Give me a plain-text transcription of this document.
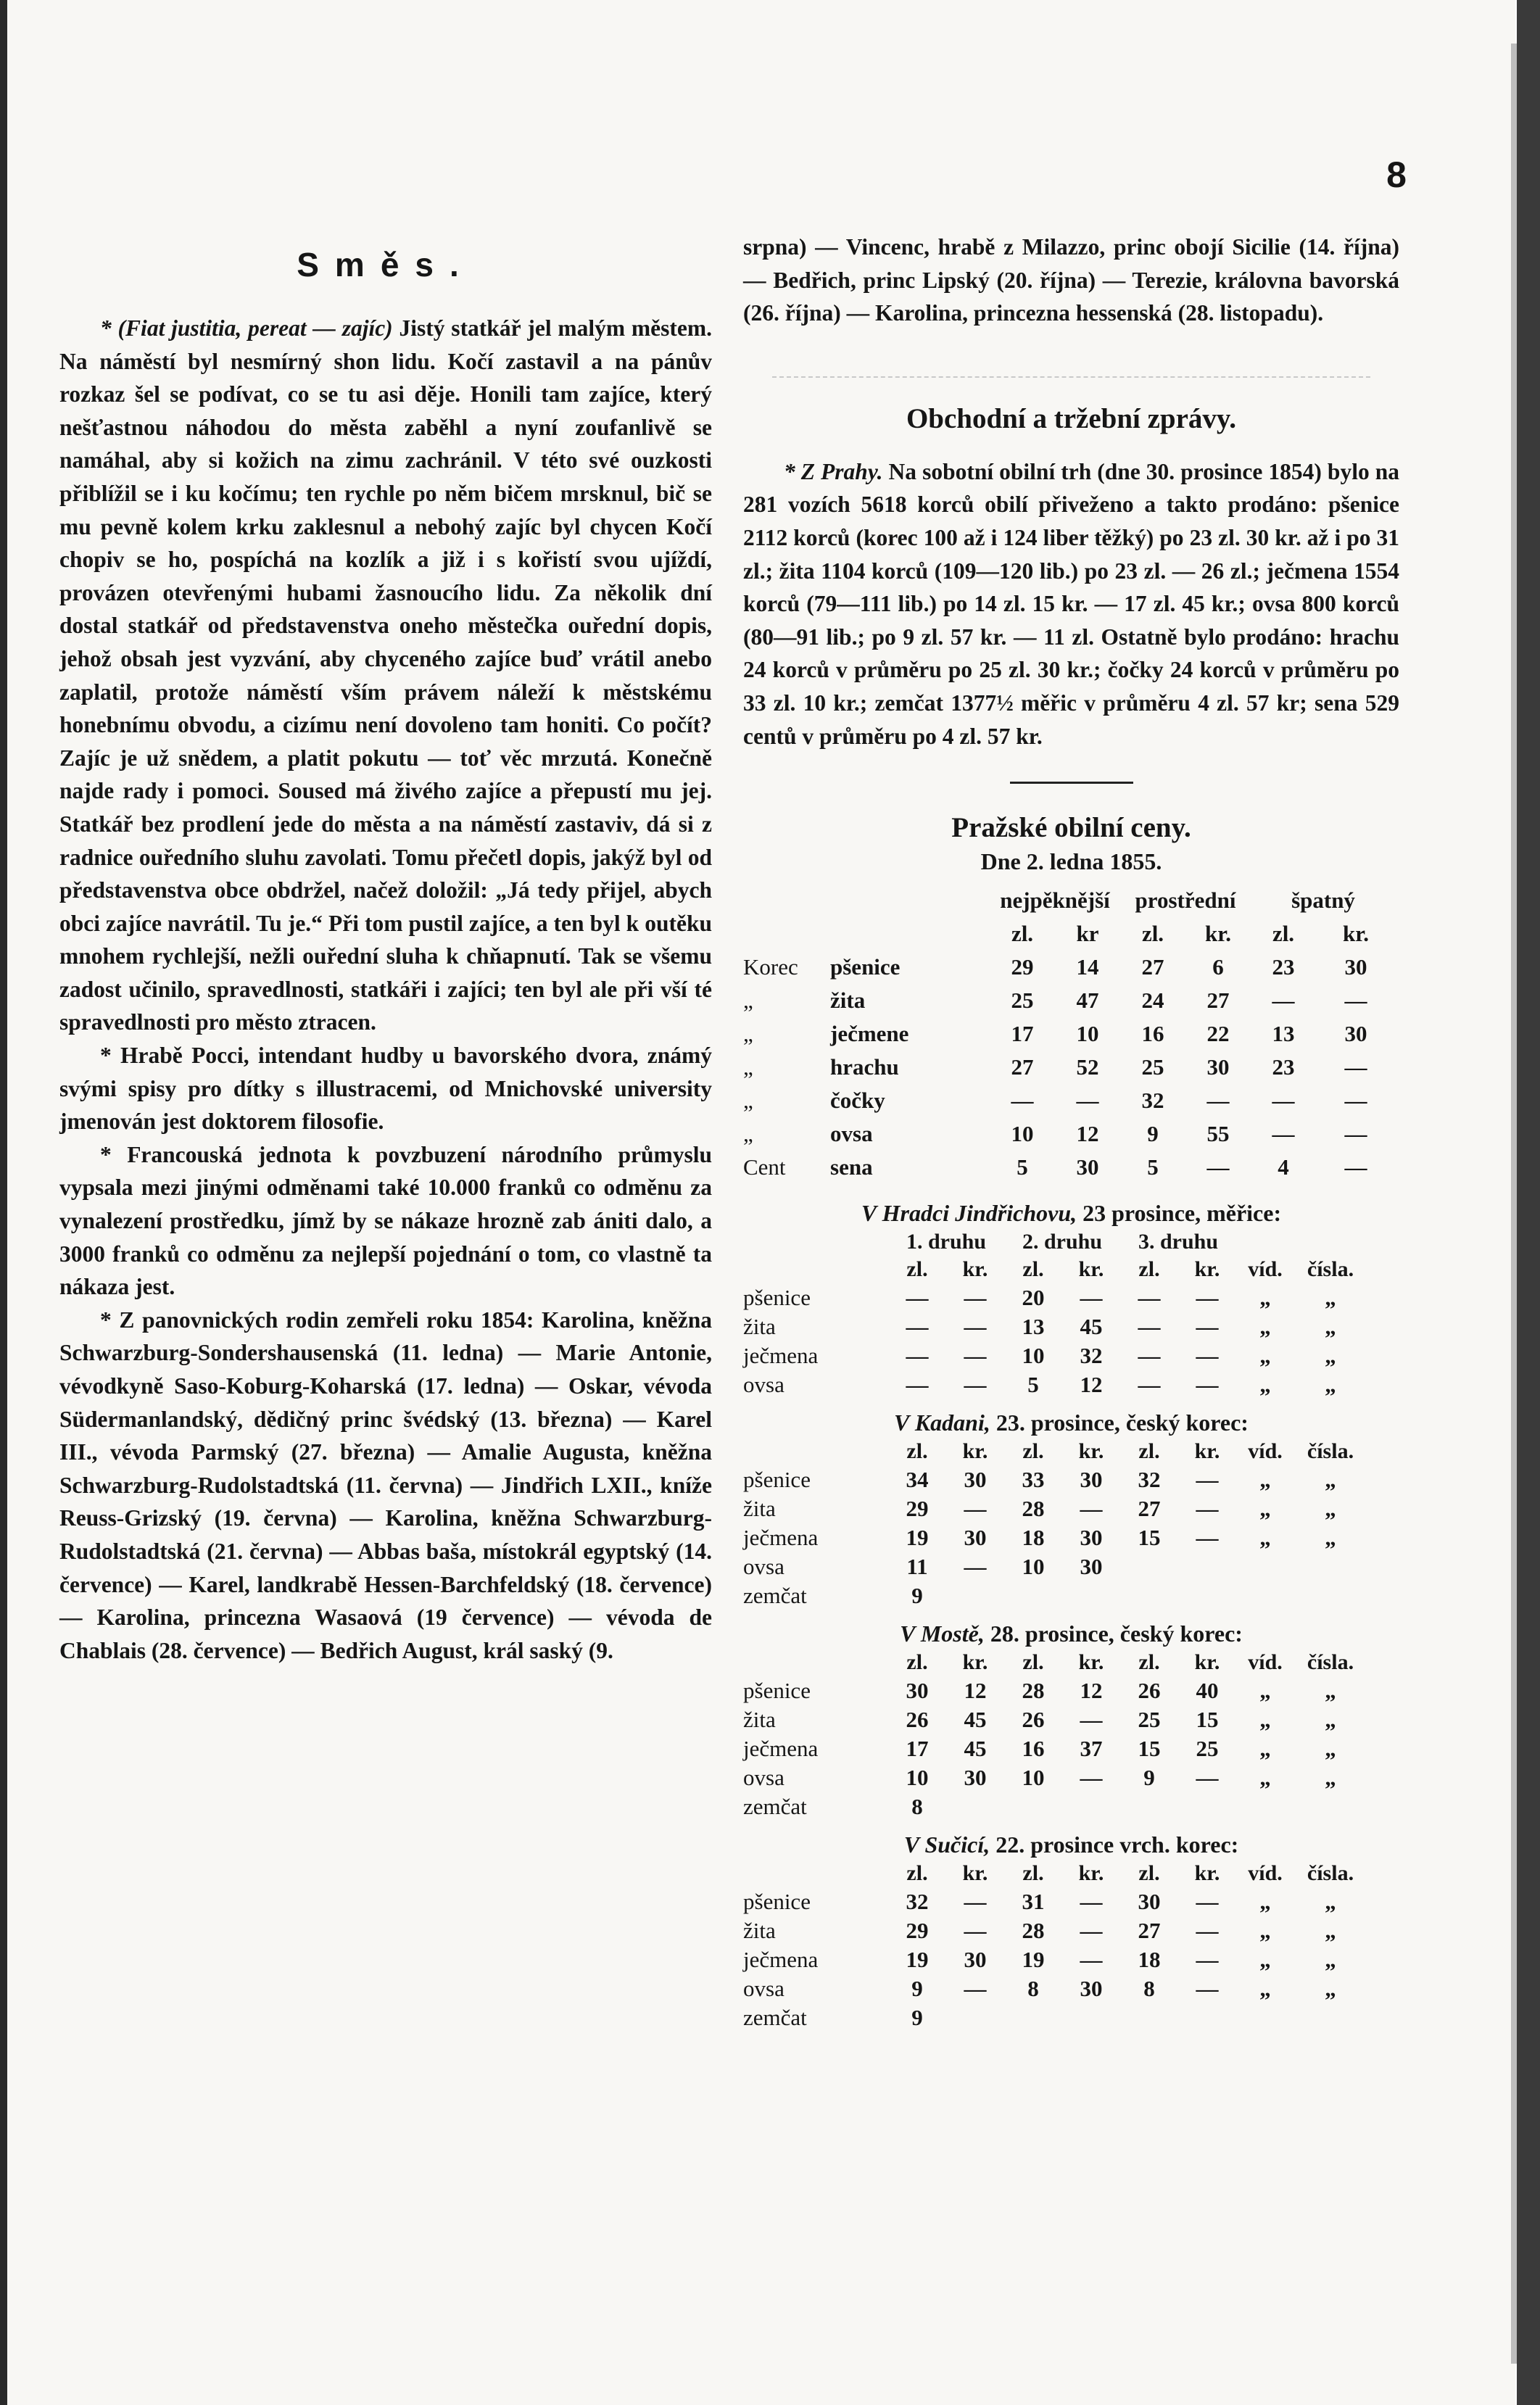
8
Směs.

* (Fiat justitia, pereat — zajíc) Jistý statkář jel malým městem. Na náměstí byl nesmírný shon lidu. Kočí zastavil a na pánův rozkaz šel se podívat, co se tu asi děje. Honili tam zajíce, který nešťastnou náhodou do města zaběhl a nyní zoufanlivě se namáhal, aby si kožich na zimu zachránil. V této své ouzkosti přiblížil se i ku kočímu; ten rychle po něm bičem mrsknul, bič se mu pevně kolem krku zaklesnul a nebohý zajíc byl chycen Kočí chopiv se ho, pospíchá na kozlík a již i s kořistí svou ujíždí, provázen otevřenými hubami žasnoucího lidu. Za několik dní dostal statkář od představenstva oneho městečka ouřední dopis, jehož obsah jest vyzvání, aby chyceného zajíce buď vrátil anebo zaplatil, protože náměstí vším právem náleží k městskému honebnímu obvodu, a cizímu není dovoleno tam honiti. Co počít? Zajíc je už snědem, a platit pokutu — toť věc mrzutá. Konečně najde rady i pomoci. Soused má živého zajíce a přepustí mu jej. Statkář bez prodlení jede do města a na náměstí zastaviv, dá si z radnice ouředního sluhu zavolati. Tomu přečetl dopis, jakýž byl od představenstva obce obdržel, načež doložil: „Já tedy přijel, abych obci zajíce navrátil. Tu je.“ Při tom pustil zajíce, a ten byl k outěku mnohem rychlejší, nežli ouřední sluha k chňapnutí. Tak se všemu zadost učinilo, spravedlnosti, statkáři i zajíci; ten byl ale při vší té spravedlnosti pro město ztracen.

* Hrabě Pocci, intendant hudby u bavorského dvora, známý svými spisy pro dítky s illustracemi, od Mnichovské university jmenován jest doktorem filosofie.

* Francouská jednota k povzbuzení národního průmyslu vypsala mezi jinými odměnami také 10.000 franků co odměnu za vynalezení prostředku, jímž by se nákaze hrozně zab ániti dalo, a 3000 franků co odměnu za nejlepší pojednání o tom, co vlastně ta nákaza jest.

* Z panovnických rodin zemřeli roku 1854: Karolina, kněžna Schwarzburg-Sondershausenská (11. ledna) — Marie Antonie, vévodkyně Saso-Koburg-Koharská (17. ledna) — Oskar, vévoda Südermanlandský, dědičný princ švédský (13. března) — Karel III., vévoda Parmský (27. března) — Amalie Augusta, kněžna Schwarzburg-Rudolstadtská (11. června) — Jindřich LXII., kníže Reuss-Grizský (19. června) — Karolina, kněžna Schwarzburg-Rudolstadtská (21. června) — Abbas baša, místokrál egyptský (14. července) — Karel, landkrabě Hessen-Barchfeldský (18. července) — Karolina, princezna Wasaová (19 července) — vévoda de Chablais (28. července) — Bedřich August, král saský (9.

srpna) — Vincenc, hrabě z Milazzo, princ obojí Sicilie (14. října) — Bedřich, princ Lipský (20. října) — Terezie, královna bavorská (26. října) — Karolina, princezna hessenská (28. listopadu).

Obchodní a tržební zprávy.

* Z Prahy. Na sobotní obilní trh (dne 30. prosince 1854) bylo na 281 vozích 5618 korců obilí přiveženo a takto prodáno: pšenice 2112 korců (korec 100 až i 124 liber těžký) po 23 zl. 30 kr. až i po 31 zl.; žita 1104 korců (109—120 lib.) po 23 zl. — 26 zl.; ječmena 1554 korců (79—111 lib.) po 14 zl. 15 kr. — 17 zl. 45 kr.; ovsa 800 korců (80—91 lib.; po 9 zl. 57 kr. — 11 zl. Ostatně bylo prodáno: hrachu 24 korců v průměru po 25 zl. 30 kr.; čočky 24 korců v průměru po 33 zl. 10 kr.; zemčat 1377½ měřic v průměru 4 zl. 57 kr; sena 529 centů v průměru po 4 zl. 57 kr.

Pražské obilní ceny.
Dne 2. ledna 1855.
		nejpěknější		prostřední		špatný	
		zl.	kr	zl.	kr.	zl.	kr.
Korec	pšenice	29	14	27	6	23	30
„	žita	25	47	24	27	—	—
„	ječmene	17	10	16	22	13	30
„	hrachu	27	52	25	30	23	—
„	čočky	—	—	32	—	—	—
„	ovsa	10	12	9	55	—	—
Cent	sena	5	30	5	—	4	—
V Hradci Jindřichovu, 23 prosince, měřice:
	1. druhu		2. druhu		3. druhu			
	zl.	kr.	zl.	kr.	zl.	kr.	víd.	čísla.
pšenice	—	—	20	—	—	—	„	„
žita	—	—	13	45	—	—	„	„
ječmena	—	—	10	32	—	—	„	„
ovsa	—	—	5	12	—	—	„	„
V Kadani, 23. prosince, český korec:
	zl.	kr.	zl.	kr.	zl.	kr.	víd.	čísla.
pšenice	34	30	33	30	32	—	„	„
žita	29	—	28	—	27	—	„	„
ječmena	19	30	18	30	15	—	„	„
ovsa	11	—	10	30				
zemčat	9							
V Mostě, 28. prosince, český korec:
	zl.	kr.	zl.	kr.	zl.	kr.	víd.	čísla.
pšenice	30	12	28	12	26	40	„	„
žita	26	45	26	—	25	15	„	„
ječmena	17	45	16	37	15	25	„	„
ovsa	10	30	10	—	9	—	„	„
zemčat	8							
V Sučicí, 22. prosince vrch. korec:
	zl.	kr.	zl.	kr.	zl.	kr.	víd.	čísla.
pšenice	32	—	31	—	30	—	„	„
žita	29	—	28	—	27	—	„	„
ječmena	19	30	19	—	18	—	„	„
ovsa	9	—	8	30	8	—	„	„
zemčat	9							
